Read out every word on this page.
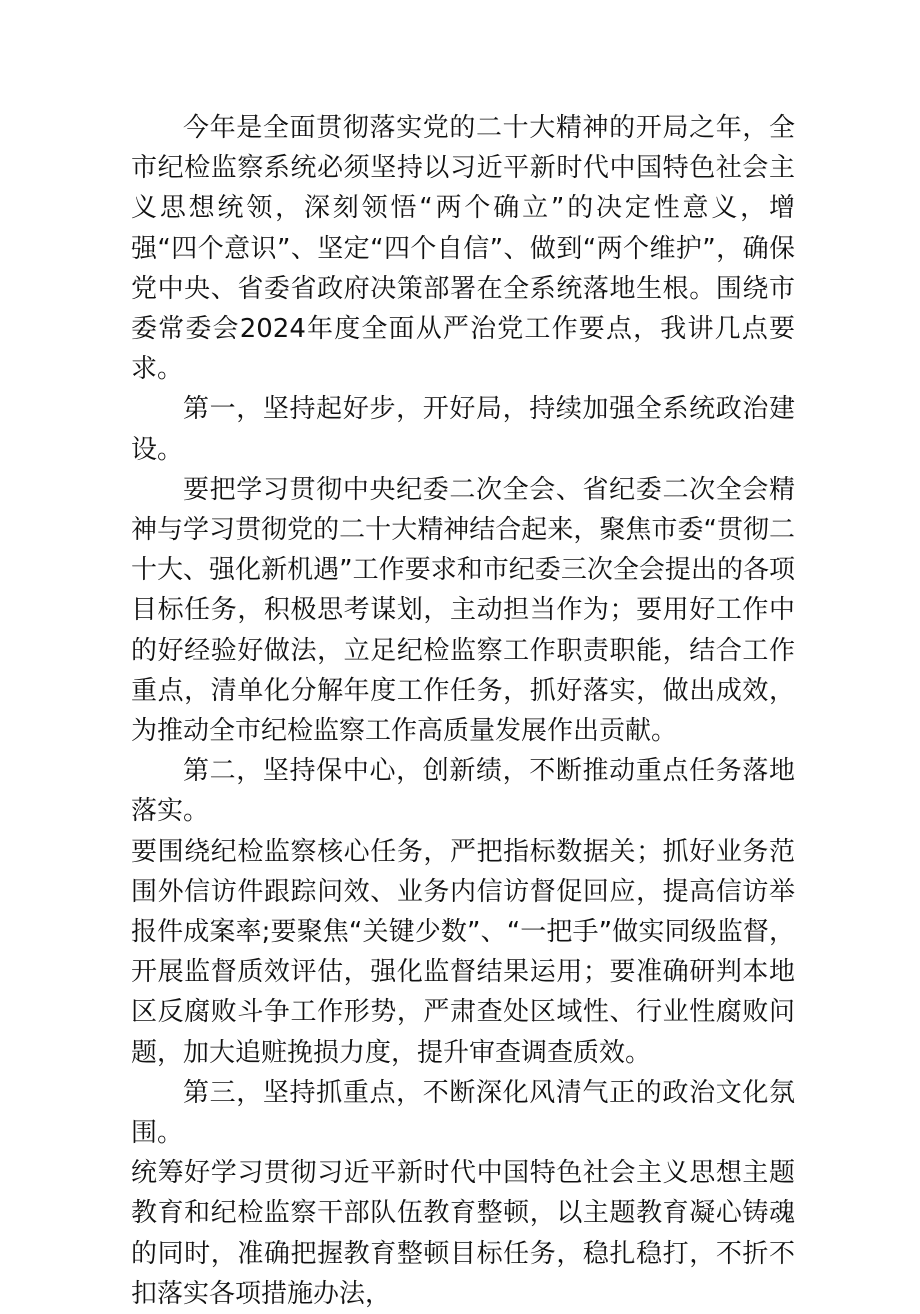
今年是全面贯彻落实党的二十大精神的开局之年，全市纪检监察系统必须坚持以习近平新时代中国特色社会主义思想统领，深刻领悟“两个确立”的决定性意义，增强“四个意识”、坚定“四个自信”、做到“两个维护”，确保党中央、省委省政府决策部署在全系统落地生根。围绕市委常委会2024年度全面从严治党工作要点，我讲几点要求。

第一，坚持起好步，开好局，持续加强全系统政治建设。

要把学习贯彻中央纪委二次全会、省纪委二次全会精神与学习贯彻党的二十大精神结合起来，聚焦市委“贯彻二十大、强化新机遇”工作要求和市纪委三次全会提出的各项目标任务，积极思考谋划，主动担当作为；要用好工作中的好经验好做法，立足纪检监察工作职责职能，结合工作重点，清单化分解年度工作任务，抓好落实，做出成效，为推动全市纪检监察工作高质量发展作出贡献。

第二，坚持保中心，创新绩，不断推动重点任务落地落实。

要围绕纪检监察核心任务，严把指标数据关；抓好业务范围外信访件跟踪问效、业务内信访督促回应，提高信访举报件成案率;要聚焦“关键少数”、“一把手”做实同级监督，开展监督质效评估，强化监督结果运用；要准确研判本地区反腐败斗争工作形势，严肃查处区域性、行业性腐败问题，加大追赃挽损力度，提升审查调查质效。

第三，坚持抓重点，不断深化风清气正的政治文化氛围。

统筹好学习贯彻习近平新时代中国特色社会主义思想主题教育和纪检监察干部队伍教育整顿，以主题教育凝心铸魂的同时，准确把握教育整顿目标任务，稳扎稳打，不折不扣落实各项措施办法，
